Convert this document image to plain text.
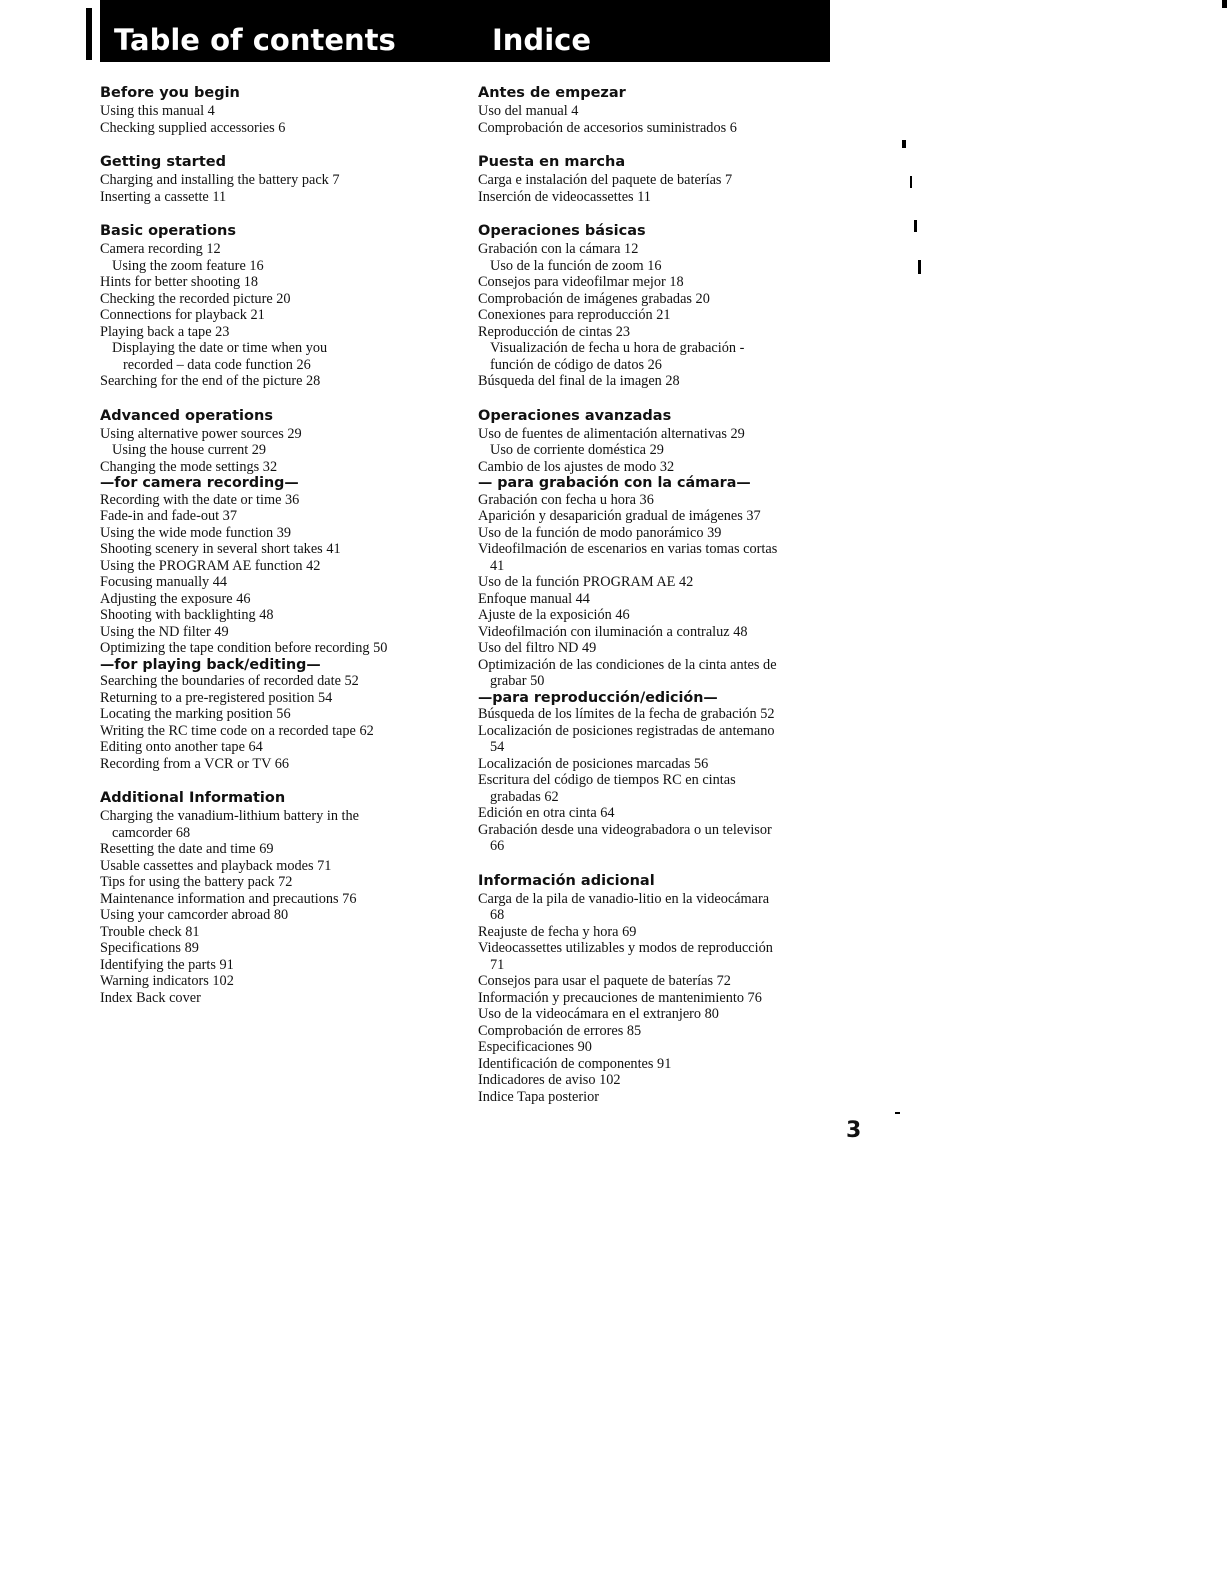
Table of contents	Indice
Before you begin
Using this manual 4
Checking supplied accessories 6
Getting started
Charging and installing the battery pack 7
Inserting a cassette 11
Basic operations
Camera recording 12
Using the zoom feature 16
Hints for better shooting 18
Checking the recorded picture 20
Connections for playback 21
Playing back a tape 23
Displaying the date or time when you
recorded – data code function 26
Searching for the end of the picture 28
Advanced operations
Using alternative power sources 29
Using the house current 29
Changing the mode settings 32
—for camera recording—
Recording with the date or time 36
Fade-in and fade-out 37
Using the wide mode function 39
Shooting scenery in several short takes 41
Using the PROGRAM AE function 42
Focusing manually 44
Adjusting the exposure 46
Shooting with backlighting 48
Using the ND filter 49
Optimizing the tape condition before recording 50
—for playing back/editing—
Searching the boundaries of recorded date 52
Returning to a pre-registered position 54
Locating the marking position 56
Writing the RC time code on a recorded tape 62
Editing onto another tape 64
Recording from a VCR or TV 66
Additional Information
Charging the vanadium-lithium battery in the
camcorder 68
Resetting the date and time 69
Usable cassettes and playback modes 71
Tips for using the battery pack 72
Maintenance information and precautions 76
Using your camcorder abroad 80
Trouble check 81
Specifications 89
Identifying the parts 91
Warning indicators 102
Index Back cover
Antes de empezar
Uso del manual 4
Comprobación de accesorios suministrados 6
Puesta en marcha
Carga e instalación del paquete de baterías 7
Inserción de videocassettes 11
Operaciones básicas
Grabación con la cámara 12
Uso de la función de zoom 16
Consejos para videofilmar mejor 18
Comprobación de imágenes grabadas 20
Conexiones para reproducción 21
Reproducción de cintas 23
Visualización de fecha u hora de grabación -
función de código de datos 26
Búsqueda del final de la imagen 28
Operaciones avanzadas
Uso de fuentes de alimentación alternativas 29
Uso de corriente doméstica 29
Cambio de los ajustes de modo 32
— para grabación con la cámara—
Grabación con fecha u hora 36
Aparición y desaparición gradual de imágenes 37
Uso de la función de modo panorámico 39
Videofilmación de escenarios en varias tomas cortas
41
Uso de la función PROGRAM AE 42
Enfoque manual 44
Ajuste de la exposición 46
Videofilmación con iluminación a contraluz 48
Uso del filtro ND 49
Optimización de las condiciones de la cinta antes de
grabar 50
—para reproducción/edición—
Búsqueda de los límites de la fecha de grabación 52
Localización de posiciones registradas de antemano
54
Localización de posiciones marcadas 56
Escritura del código de tiempos RC en cintas
grabadas 62
Edición en otra cinta 64
Grabación desde una videograbadora o un televisor
66
Información adicional
Carga de la pila de vanadio-litio en la videocámara
68
Reajuste de fecha y hora 69
Videocassettes utilizables y modos de reproducción
71
Consejos para usar el paquete de baterías 72
Información y precauciones de mantenimiento 76
Uso de la videocámara en el extranjero 80
Comprobación de errores 85
Especificaciones 90
Identificación de componentes 91
Indicadores de aviso 102
Indice Tapa posterior
3
